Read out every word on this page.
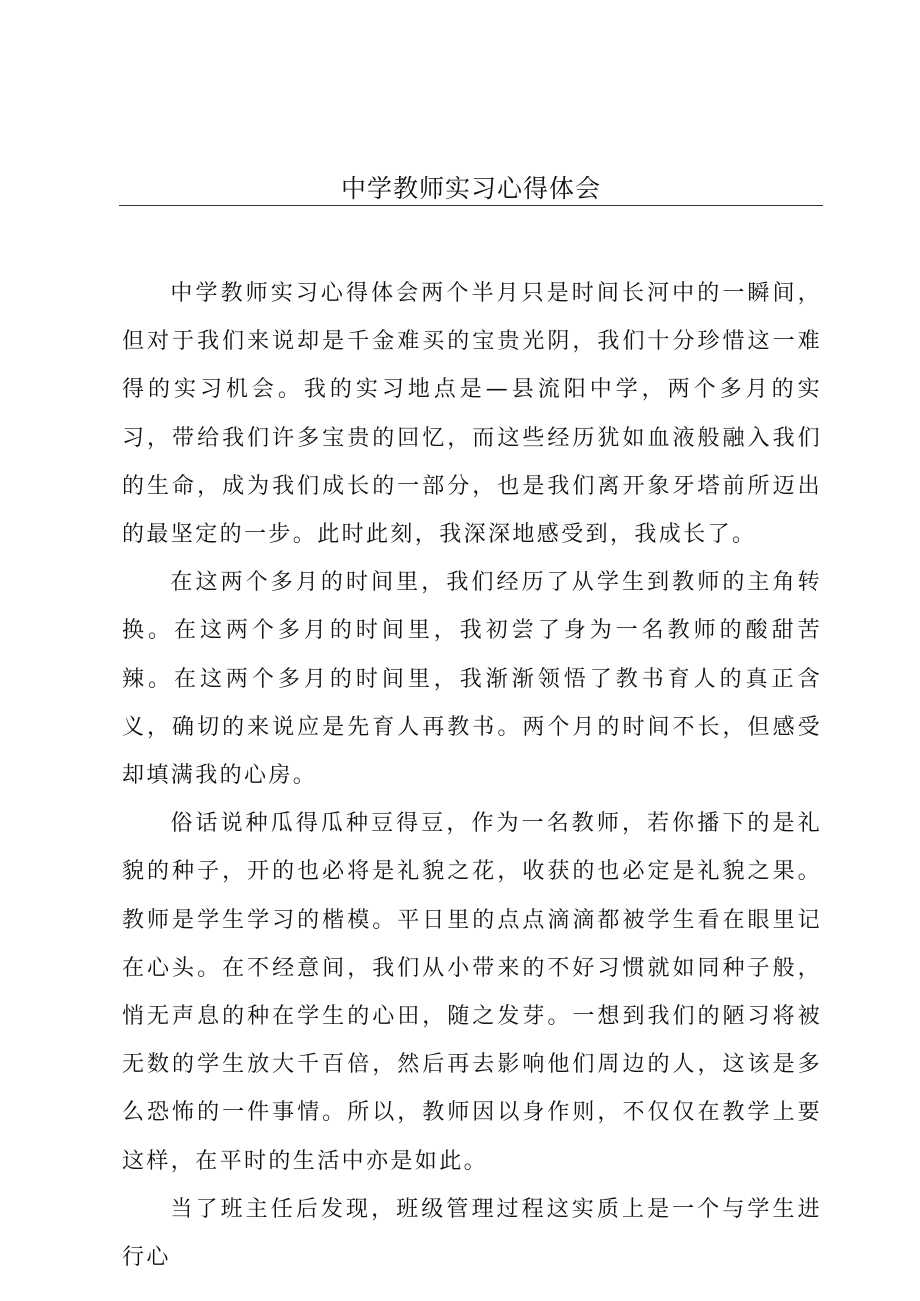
中学教师实习心得体会

中学教师实习心得体会两个半月只是时间长河中的一瞬间，但对于我们来说却是千金难买的宝贵光阴，我们十分珍惜这一难得的实习机会。我的实习地点是—县流阳中学，两个多月的实习，带给我们许多宝贵的回忆，而这些经历犹如血液般融入我们的生命，成为我们成长的一部分，也是我们离开象牙塔前所迈出的最坚定的一步。此时此刻，我深深地感受到，我成长了。

在这两个多月的时间里，我们经历了从学生到教师的主角转换。在这两个多月的时间里，我初尝了身为一名教师的酸甜苦辣。在这两个多月的时间里，我渐渐领悟了教书育人的真正含义，确切的来说应是先育人再教书。两个月的时间不长，但感受却填满我的心房。

俗话说种瓜得瓜种豆得豆，作为一名教师，若你播下的是礼貌的种子，开的也必将是礼貌之花，收获的也必定是礼貌之果。教师是学生学习的楷模。平日里的点点滴滴都被学生看在眼里记在心头。在不经意间，我们从小带来的不好习惯就如同种子般，悄无声息的种在学生的心田，随之发芽。一想到我们的陋习将被无数的学生放大千百倍，然后再去影响他们周边的人，这该是多么恐怖的一件事情。所以，教师因以身作则，不仅仅在教学上要这样，在平时的生活中亦是如此。

当了班主任后发现，班级管理过程这实质上是一个与学生进行心
